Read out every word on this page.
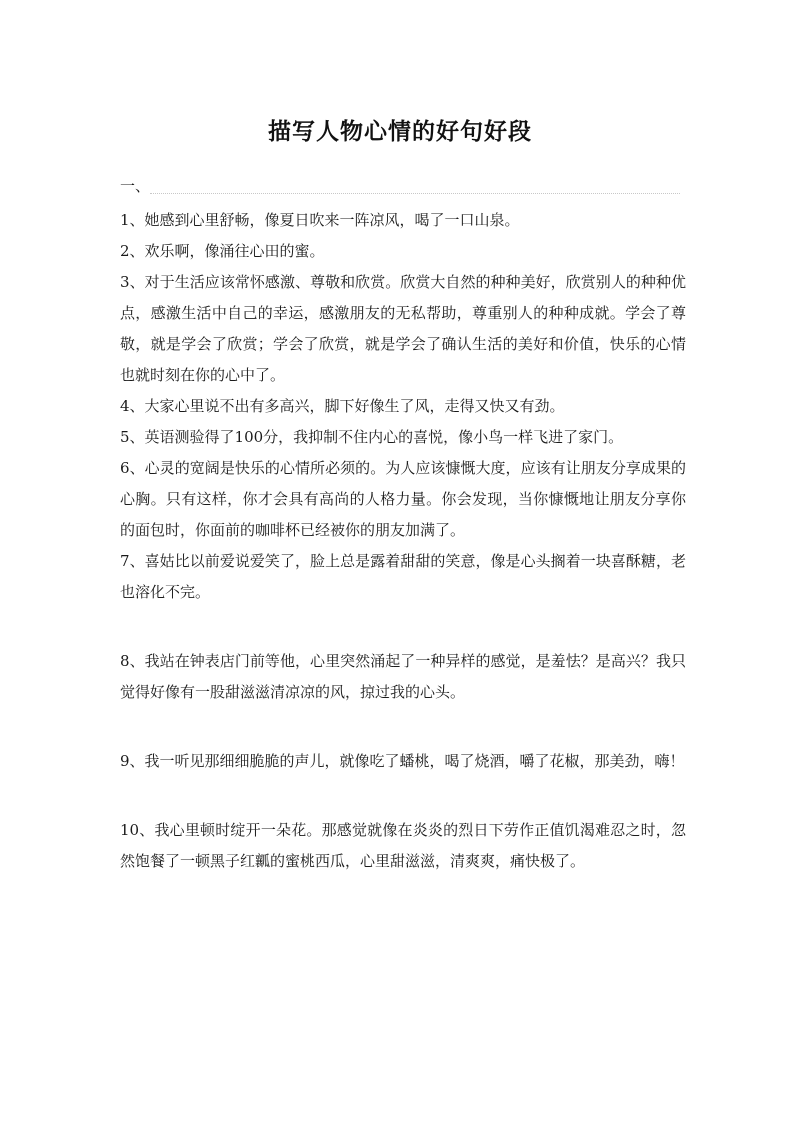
描写人物心情的好句好段
一、

1、她感到心里舒畅，像夏日吹来一阵凉风，喝了一口山泉。

2、欢乐啊，像涌往心田的蜜。

3、对于生活应该常怀感激、尊敬和欣赏。欣赏大自然的种种美好，欣赏别人的种种优点，感激生活中自己的幸运，感激朋友的无私帮助，尊重别人的种种成就。学会了尊敬，就是学会了欣赏；学会了欣赏，就是学会了确认生活的美好和价值，快乐的心情也就时刻在你的心中了。

4、大家心里说不出有多高兴，脚下好像生了风，走得又快又有劲。

5、英语测验得了100分，我抑制不住内心的喜悦，像小鸟一样飞进了家门。

6、心灵的宽阔是快乐的心情所必须的。为人应该慷慨大度，应该有让朋友分享成果的心胸。只有这样，你才会具有高尚的人格力量。你会发现，当你慷慨地让朋友分享你的面包时，你面前的咖啡杯已经被你的朋友加满了。

7、喜姑比以前爱说爱笑了，脸上总是露着甜甜的笑意，像是心头搁着一块喜酥糖，老也溶化不完。

8、我站在钟表店门前等他，心里突然涌起了一种异样的感觉，是羞怯？是高兴？我只觉得好像有一股甜滋滋清凉凉的风，掠过我的心头。

9、我一听见那细细脆脆的声儿，就像吃了蟠桃，喝了烧酒，嚼了花椒，那美劲，嗨！

10、我心里顿时绽开一朵花。那感觉就像在炎炎的烈日下劳作正值饥渴难忍之时，忽然饱餐了一顿黑子红瓤的蜜桃西瓜，心里甜滋滋，清爽爽，痛快极了。
